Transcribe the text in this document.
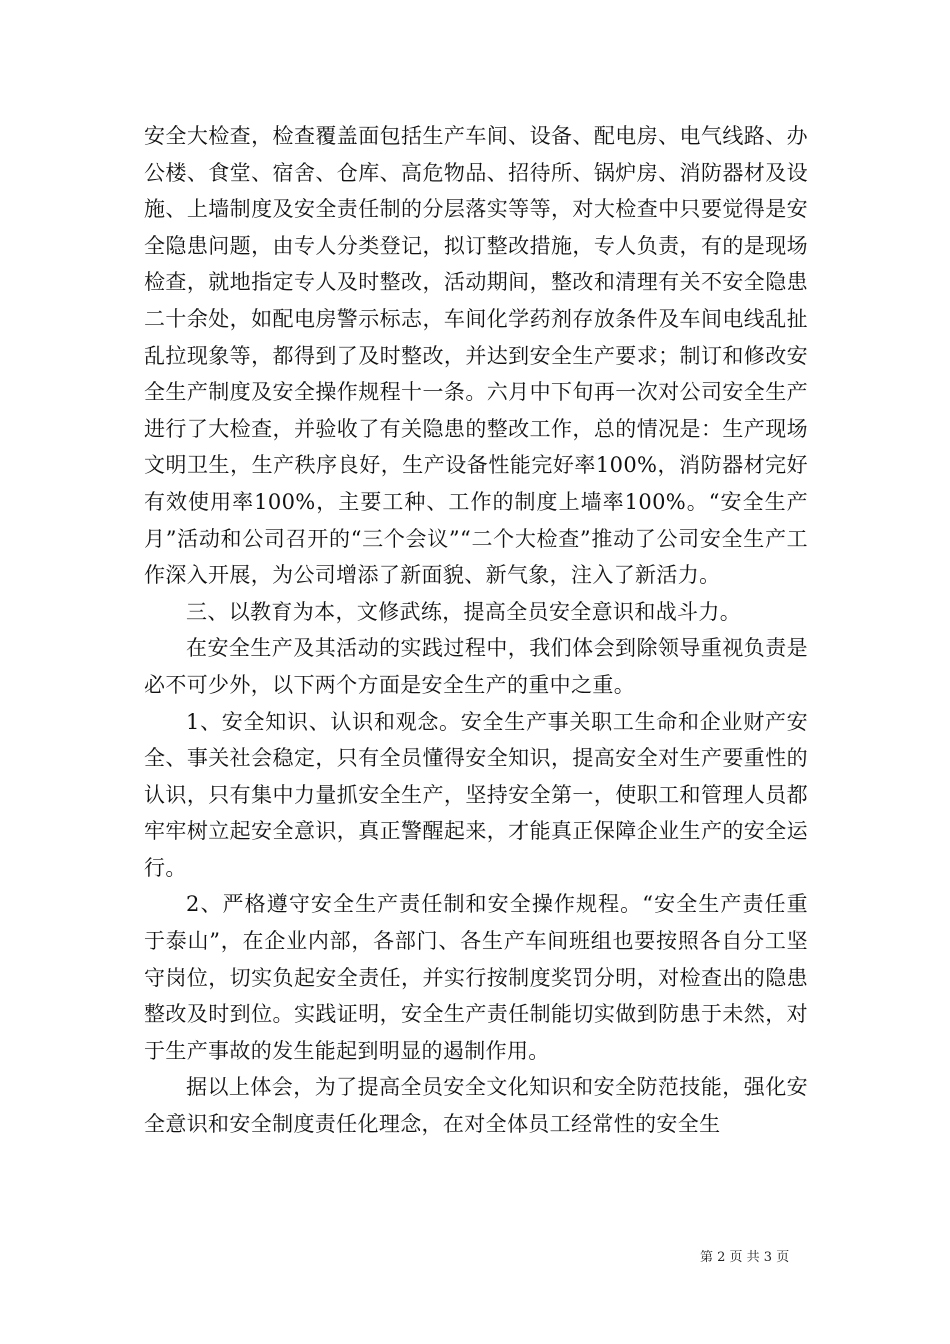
安全大检查，检查覆盖面包括生产车间、设备、配电房、电气线路、办公楼、食堂、宿舍、仓库、高危物品、招待所、锅炉房、消防器材及设施、上墙制度及安全责任制的分层落实等等，对大检查中只要觉得是安全隐患问题，由专人分类登记，拟订整改措施，专人负责，有的是现场检查，就地指定专人及时整改，活动期间，整改和清理有关不安全隐患二十余处，如配电房警示标志，车间化学药剂存放条件及车间电线乱扯乱拉现象等，都得到了及时整改，并达到安全生产要求；制订和修改安全生产制度及安全操作规程十一条。六月中下旬再一次对公司安全生产进行了大检查，并验收了有关隐患的整改工作，总的情况是：生产现场文明卫生，生产秩序良好，生产设备性能完好率100%，消防器材完好有效使用率100%，主要工种、工作的制度上墙率100%。“安全生产月”活动和公司召开的“三个会议”“二个大检查”推动了公司安全生产工作深入开展，为公司增添了新面貌、新气象，注入了新活力。

三、以教育为本，文修武练，提高全员安全意识和战斗力。

在安全生产及其活动的实践过程中，我们体会到除领导重视负责是必不可少外，以下两个方面是安全生产的重中之重。

1、安全知识、认识和观念。安全生产事关职工生命和企业财产安全、事关社会稳定，只有全员懂得安全知识，提高安全对生产要重性的认识，只有集中力量抓安全生产，坚持安全第一，使职工和管理人员都牢牢树立起安全意识，真正警醒起来，才能真正保障企业生产的安全运行。

2、严格遵守安全生产责任制和安全操作规程。“安全生产责任重于泰山”，在企业内部，各部门、各生产车间班组也要按照各自分工坚守岗位，切实负起安全责任，并实行按制度奖罚分明，对检查出的隐患整改及时到位。实践证明，安全生产责任制能切实做到防患于未然，对于生产事故的发生能起到明显的遏制作用。

据以上体会，为了提高全员安全文化知识和安全防范技能，强化安全意识和安全制度责任化理念，在对全体员工经常性的安全生

第 2 页 共 3 页
